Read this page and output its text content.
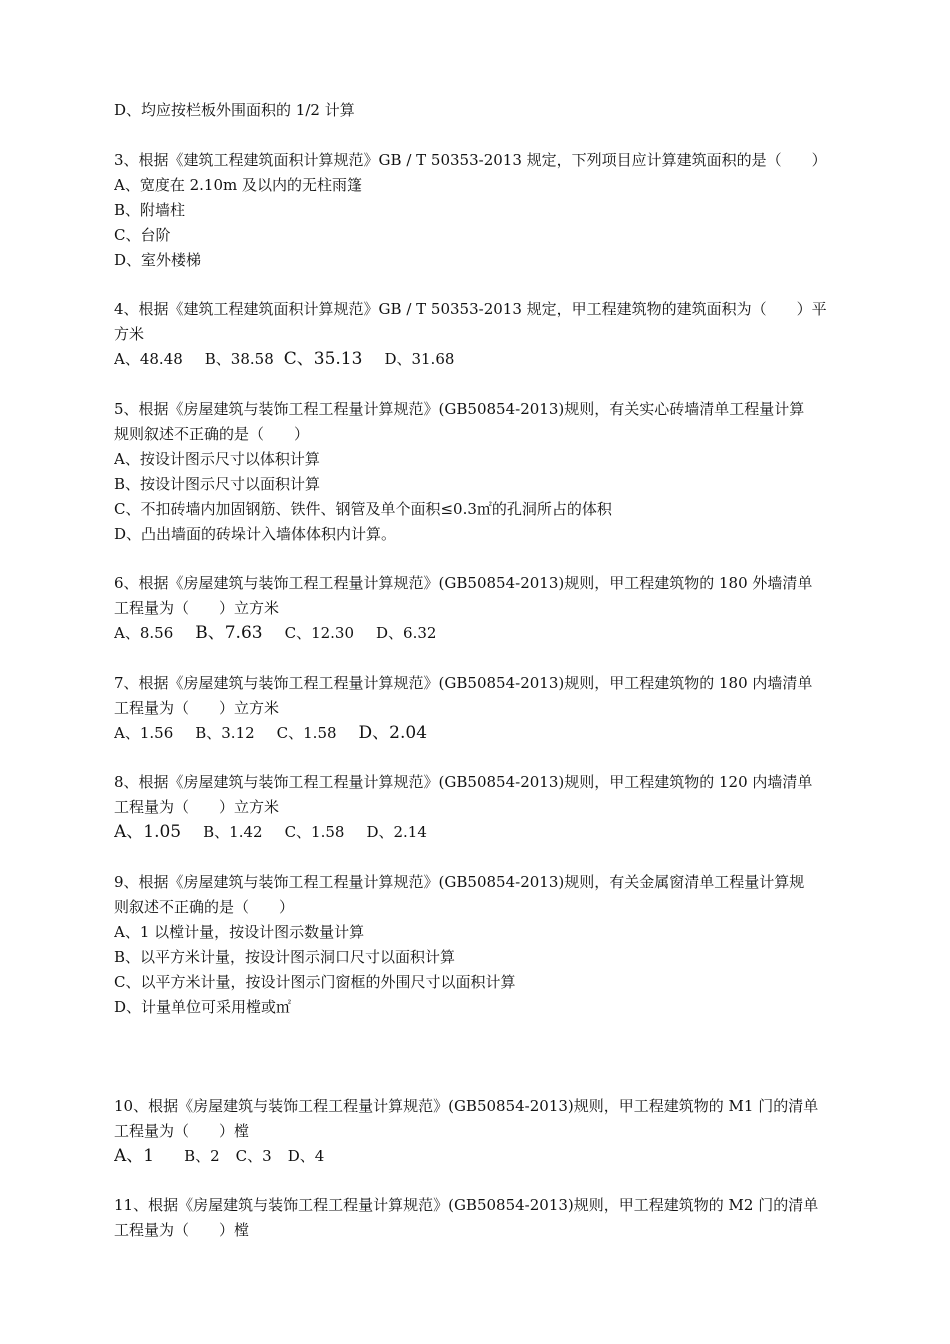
D、均应按栏板外围面积的 1/2 计算
3、根据《建筑工程建筑面积计算规范》GB / T 50353-2013 规定，下列项目应计算建筑面积的是（　　）
A、宽度在 2.10m 及以内的无柱雨篷
B、附墙柱
C、台阶
D、室外楼梯
4、根据《建筑工程建筑面积计算规范》GB / T 50353-2013 规定，甲工程建筑物的建筑面积为（　　）平
方米
A、48.48 B、38.58 C、35.13 D、31.68
5、根据《房屋建筑与装饰工程工程量计算规范》(GB50854-2013)规则，有关实心砖墙清单工程量计算
规则叙述不正确的是（　　）
A、按设计图示尺寸以体积计算
B、按设计图示尺寸以面积计算
C、不扣砖墙内加固钢筋、铁件、钢管及单个面积≤0.3㎡的孔洞所占的体积
D、凸出墙面的砖垛计入墙体体积内计算。
6、根据《房屋建筑与装饰工程工程量计算规范》(GB50854-2013)规则，甲工程建筑物的 180 外墙清单
工程量为（　　）立方米
A、8.56 B、7.63 C、12.30 D、6.32
7、根据《房屋建筑与装饰工程工程量计算规范》(GB50854-2013)规则，甲工程建筑物的 180 内墙清单
工程量为（　　）立方米
A、1.56 B、3.12 C、1.58 D、2.04
8、根据《房屋建筑与装饰工程工程量计算规范》(GB50854-2013)规则，甲工程建筑物的 120 内墙清单
工程量为（　　）立方米
A、1.05 B、1.42 C、1.58 D、2.14
9、根据《房屋建筑与装饰工程工程量计算规范》(GB50854-2013)规则，有关金属窗清单工程量计算规
则叙述不正确的是（　　）
A、1 以樘计量，按设计图示数量计算
B、以平方米计量，按设计图示洞口尺寸以面积计算
C、以平方米计量，按设计图示门窗框的外围尺寸以面积计算
D、计量单位可采用樘或㎡
10、根据《房屋建筑与装饰工程工程量计算规范》(GB50854-2013)规则，甲工程建筑物的 M1 门的清单
工程量为（　　）樘
A、1 B、2 C、3 D、4
11、根据《房屋建筑与装饰工程工程量计算规范》(GB50854-2013)规则，甲工程建筑物的 M2 门的清单
工程量为（　　）樘
